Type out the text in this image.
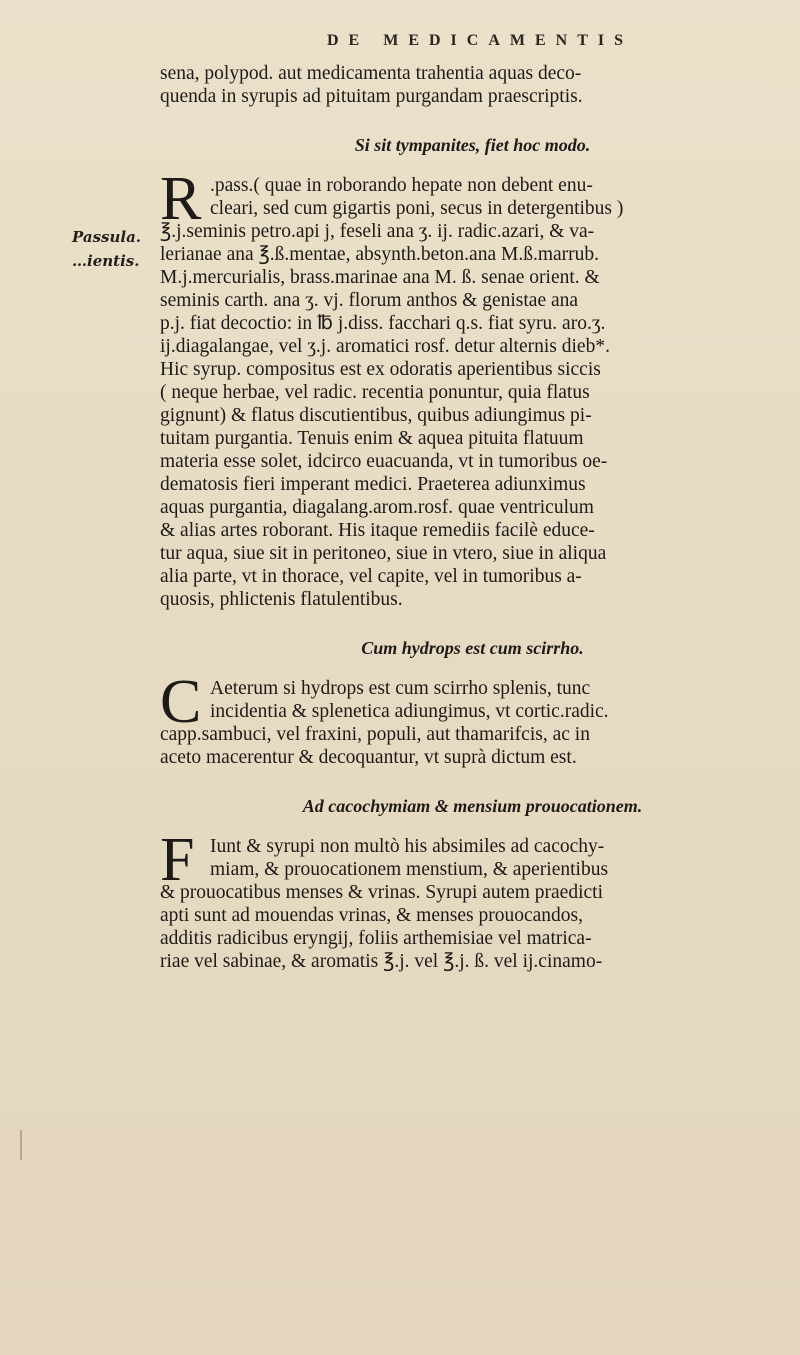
DE MEDICAMENTIS
Passula.
…ientis.
sena, polypod. aut medicamenta trahentia aquas deco-
quenda in syrupis ad pituitam purgandam praescriptis.
Si sit tympanites, fiet hoc modo.
R .pass.( quae in roborando hepate non debent enu-
cleari, sed cum gigartis poni, secus in detergentibus )
℥.j.seminis petro.api j, feseli ana ʒ. ij. radic.azari, & va-
lerianae ana ℥.ß.mentae, absynth.beton.ana M.ß.marrub.
M.j.mercurialis, brass.marinae ana M. ß. senae orient. &
seminis carth. ana ʒ. vj. florum anthos & genistae ana
p.j. fiat decoctio: in ℔ j.diss. facchari q.s. fiat syru. aro.ʒ.
ij.diagalangae, vel ʒ.j. aromatici rosf. detur alternis dieb*.
Hic syrup. compositus est ex odoratis aperientibus siccis
( neque herbae, vel radic. recentia ponuntur, quia flatus
gignunt) & flatus discutientibus, quibus adiungimus pi-
tuitam purgantia. Tenuis enim & aquea pituita flatuum
materia esse solet, idcirco euacuanda, vt in tumoribus oe-
dematosis fieri imperant medici. Praeterea adiunximus
aquas purgantia, diagalang.arom.rosf. quae ventriculum
& alias artes roborant. His itaque remediis facilè educe-
tur aqua, siue sit in peritoneo, siue in vtero, siue in aliqua
alia parte, vt in thorace, vel capite, vel in tumoribus a-
quosis, phlictenis flatulentibus.
Cum hydrops est cum scirrho.
C Aeterum si hydrops est cum scirrho splenis, tunc
incidentia & splenetica adiungimus, vt cortic.radic.
capp.sambuci, vel fraxini, populi, aut thamarifcis, ac in
aceto macerentur & decoquantur, vt suprà dictum est.
Ad cacochymiam & mensium prouocationem.
F Iunt & syrupi non multò his absimiles ad cacochy-
miam, & prouocationem menstium, & aperientibus
& prouocatibus menses & vrinas. Syrupi autem praedicti
apti sunt ad mouendas vrinas, & menses prouocandos,
additis radicibus eryngij, foliis arthemisiae vel matrica-
riae vel sabinae, & aromatis ℥.j. vel ℥.j. ß. vel ij.cinamo-
